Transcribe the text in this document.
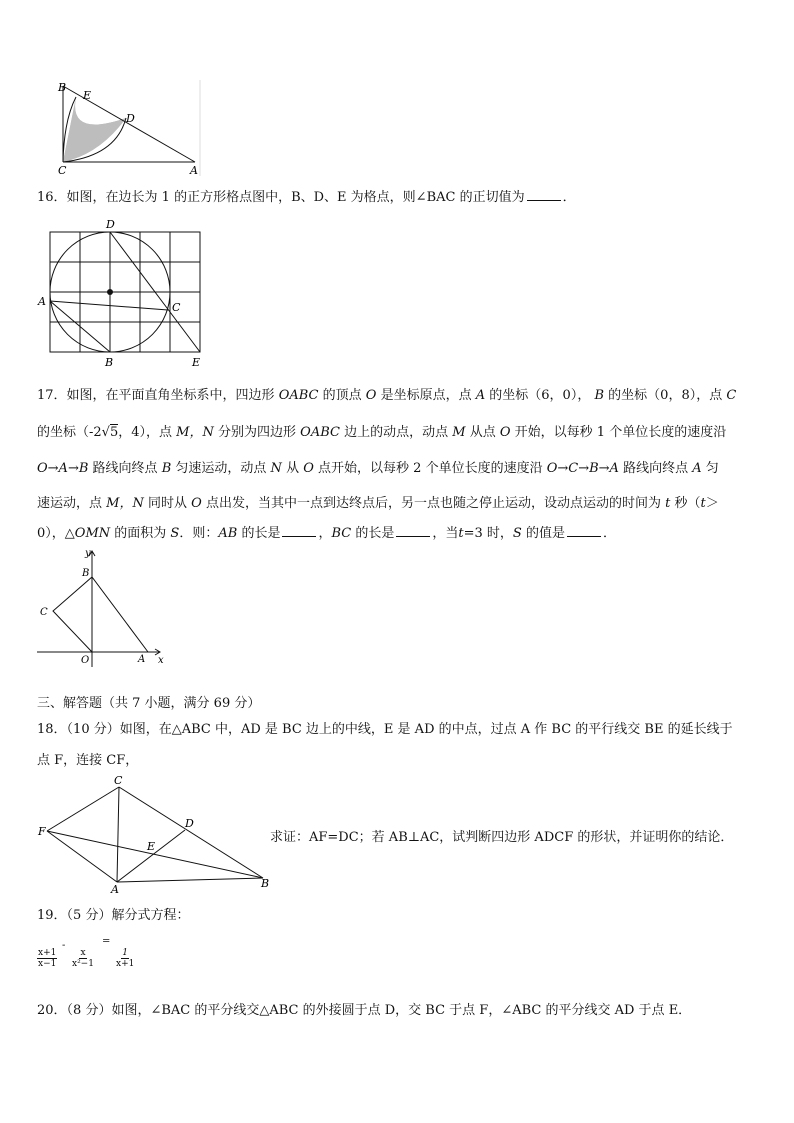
B
E
D
C	A
16．如图，在边长为 1 的正方形格点图中，B、D、E 为格点，则∠BAC 的正切值为	．
D
A	C
B	E
17．如图，在平面直角坐标系中，四边形 OABC 的顶点 O 是坐标原点，点 A 的坐标（6，0）， B 的坐标（0，8），点 C
的坐标（-2√5，4），点 M，N 分别为四边形 OABC 边上的动点，动点 M 从点 O 开始，以每秒 1 个单位长度的速度沿
O→A→B 路线向终点 B 匀速运动，动点 N 从 O 点开始，以每秒 2 个单位长度的速度沿 O→C→B→A 路线向终点 A 匀
速运动，点 M，N 同时从 O 点出发，当其中一点到达终点后，另一点也随之停止运动，设动点运动的时间为 t 秒（t＞
0），△OMN 的面积为 S．则：AB 的长是	，BC 的长是	，当t=3 时，S 的值是	．
y
B
C
O	A x
三、解答题（共 7 小题，满分 69 分）
18．（10 分）如图，在△ABC 中，AD 是 BC 边上的中线，E 是 AD 的中点，过点 A 作 BC 的平行线交 BE 的延长线于
点 F，连接 CF，
C
D
F
E
A	B
求证：AF=DC；若 AB⊥AC，试判断四边形 ADCF 的形状，并证明你的结论．
19．（5 分）解分式方程：
$\frac{x+1}{x-1}$
-
$\frac{x}{\text{x²−1}}$
=
$\frac{1}{x+1}$
20．（8 分）如图，∠BAC 的平分线交△ABC 的外接圆于点 D，交 BC 于点 F，∠ABC 的平分线交 AD 于点 E．
